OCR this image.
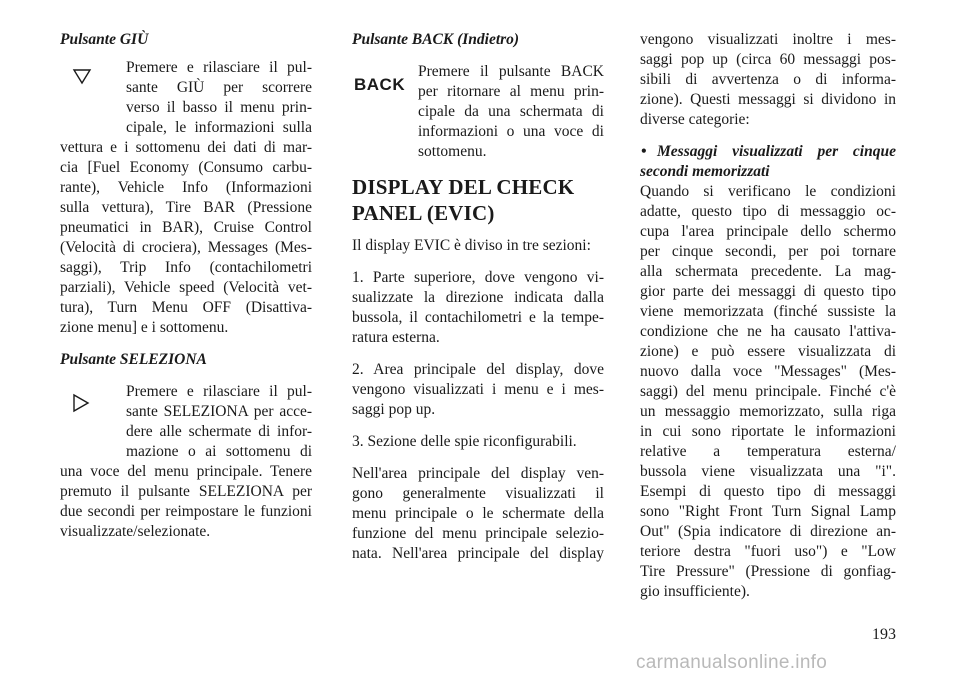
Pulsante GIÙ
Premere e rilasciare il pul-
sante GIÙ per scorrere
verso il basso il menu prin-
cipale, le informazioni sulla
vettura e i sottomenu dei dati di mar-
cia [Fuel Economy (Consumo carbu-
rante), Vehicle Info (Informazioni
sulla vettura), Tire BAR (Pressione
pneumatici in BAR), Cruise Control
(Velocità di crociera), Messages (Mes-
saggi), Trip Info (contachilometri
parziali), Vehicle speed (Velocità vet-
tura), Turn Menu OFF (Disattiva-
zione menu] e i sottomenu.
Pulsante SELEZIONA
Premere e rilasciare il pul-
sante SELEZIONA per acce-
dere alle schermate di infor-
mazione o ai sottomenu di
una voce del menu principale. Tenere
premuto il pulsante SELEZIONA per
due secondi per reimpostare le funzioni
visualizzate/selezionate.
Pulsante BACK (Indietro)
BACK
Premere il pulsante BACK
per ritornare al menu prin-
cipale da una schermata di
informazioni o una voce di
sottomenu.
DISPLAY DEL CHECK
PANEL (EVIC)
Il display EVIC è diviso in tre sezioni:
1. Parte superiore, dove vengono vi-
sualizzate la direzione indicata dalla
bussola, il contachilometri e la tempe-
ratura esterna.
2. Area principale del display, dove
vengono visualizzati i menu e i mes-
saggi pop up.
3. Sezione delle spie riconfigurabili.
Nell'area principale del display ven-
gono generalmente visualizzati il
menu principale o le schermate della
funzione del menu principale selezio-
nata. Nell'area principale del display
vengono visualizzati inoltre i mes-
saggi pop up (circa 60 messaggi pos-
sibili di avvertenza o di informa-
zione). Questi messaggi si dividono in
diverse categorie:
• Messaggi visualizzati per cinque
secondi memorizzati
Quando si verificano le condizioni
adatte, questo tipo di messaggio oc-
cupa l'area principale dello schermo
per cinque secondi, per poi tornare
alla schermata precedente. La mag-
gior parte dei messaggi di questo tipo
viene memorizzata (finché sussiste la
condizione che ne ha causato l'attiva-
zione) e può essere visualizzata di
nuovo dalla voce "Messages" (Mes-
saggi) del menu principale. Finché c'è
un messaggio memorizzato, sulla riga
in cui sono riportate le informazioni
relative a temperatura esterna/
bussola viene visualizzata una "i".
Esempi di questo tipo di messaggi
sono "Right Front Turn Signal Lamp
Out" (Spia indicatore di direzione an-
teriore destra "fuori uso") e "Low
Tire Pressure" (Pressione di gonfiag-
gio insufficiente).
193
carmanualsonline.info
